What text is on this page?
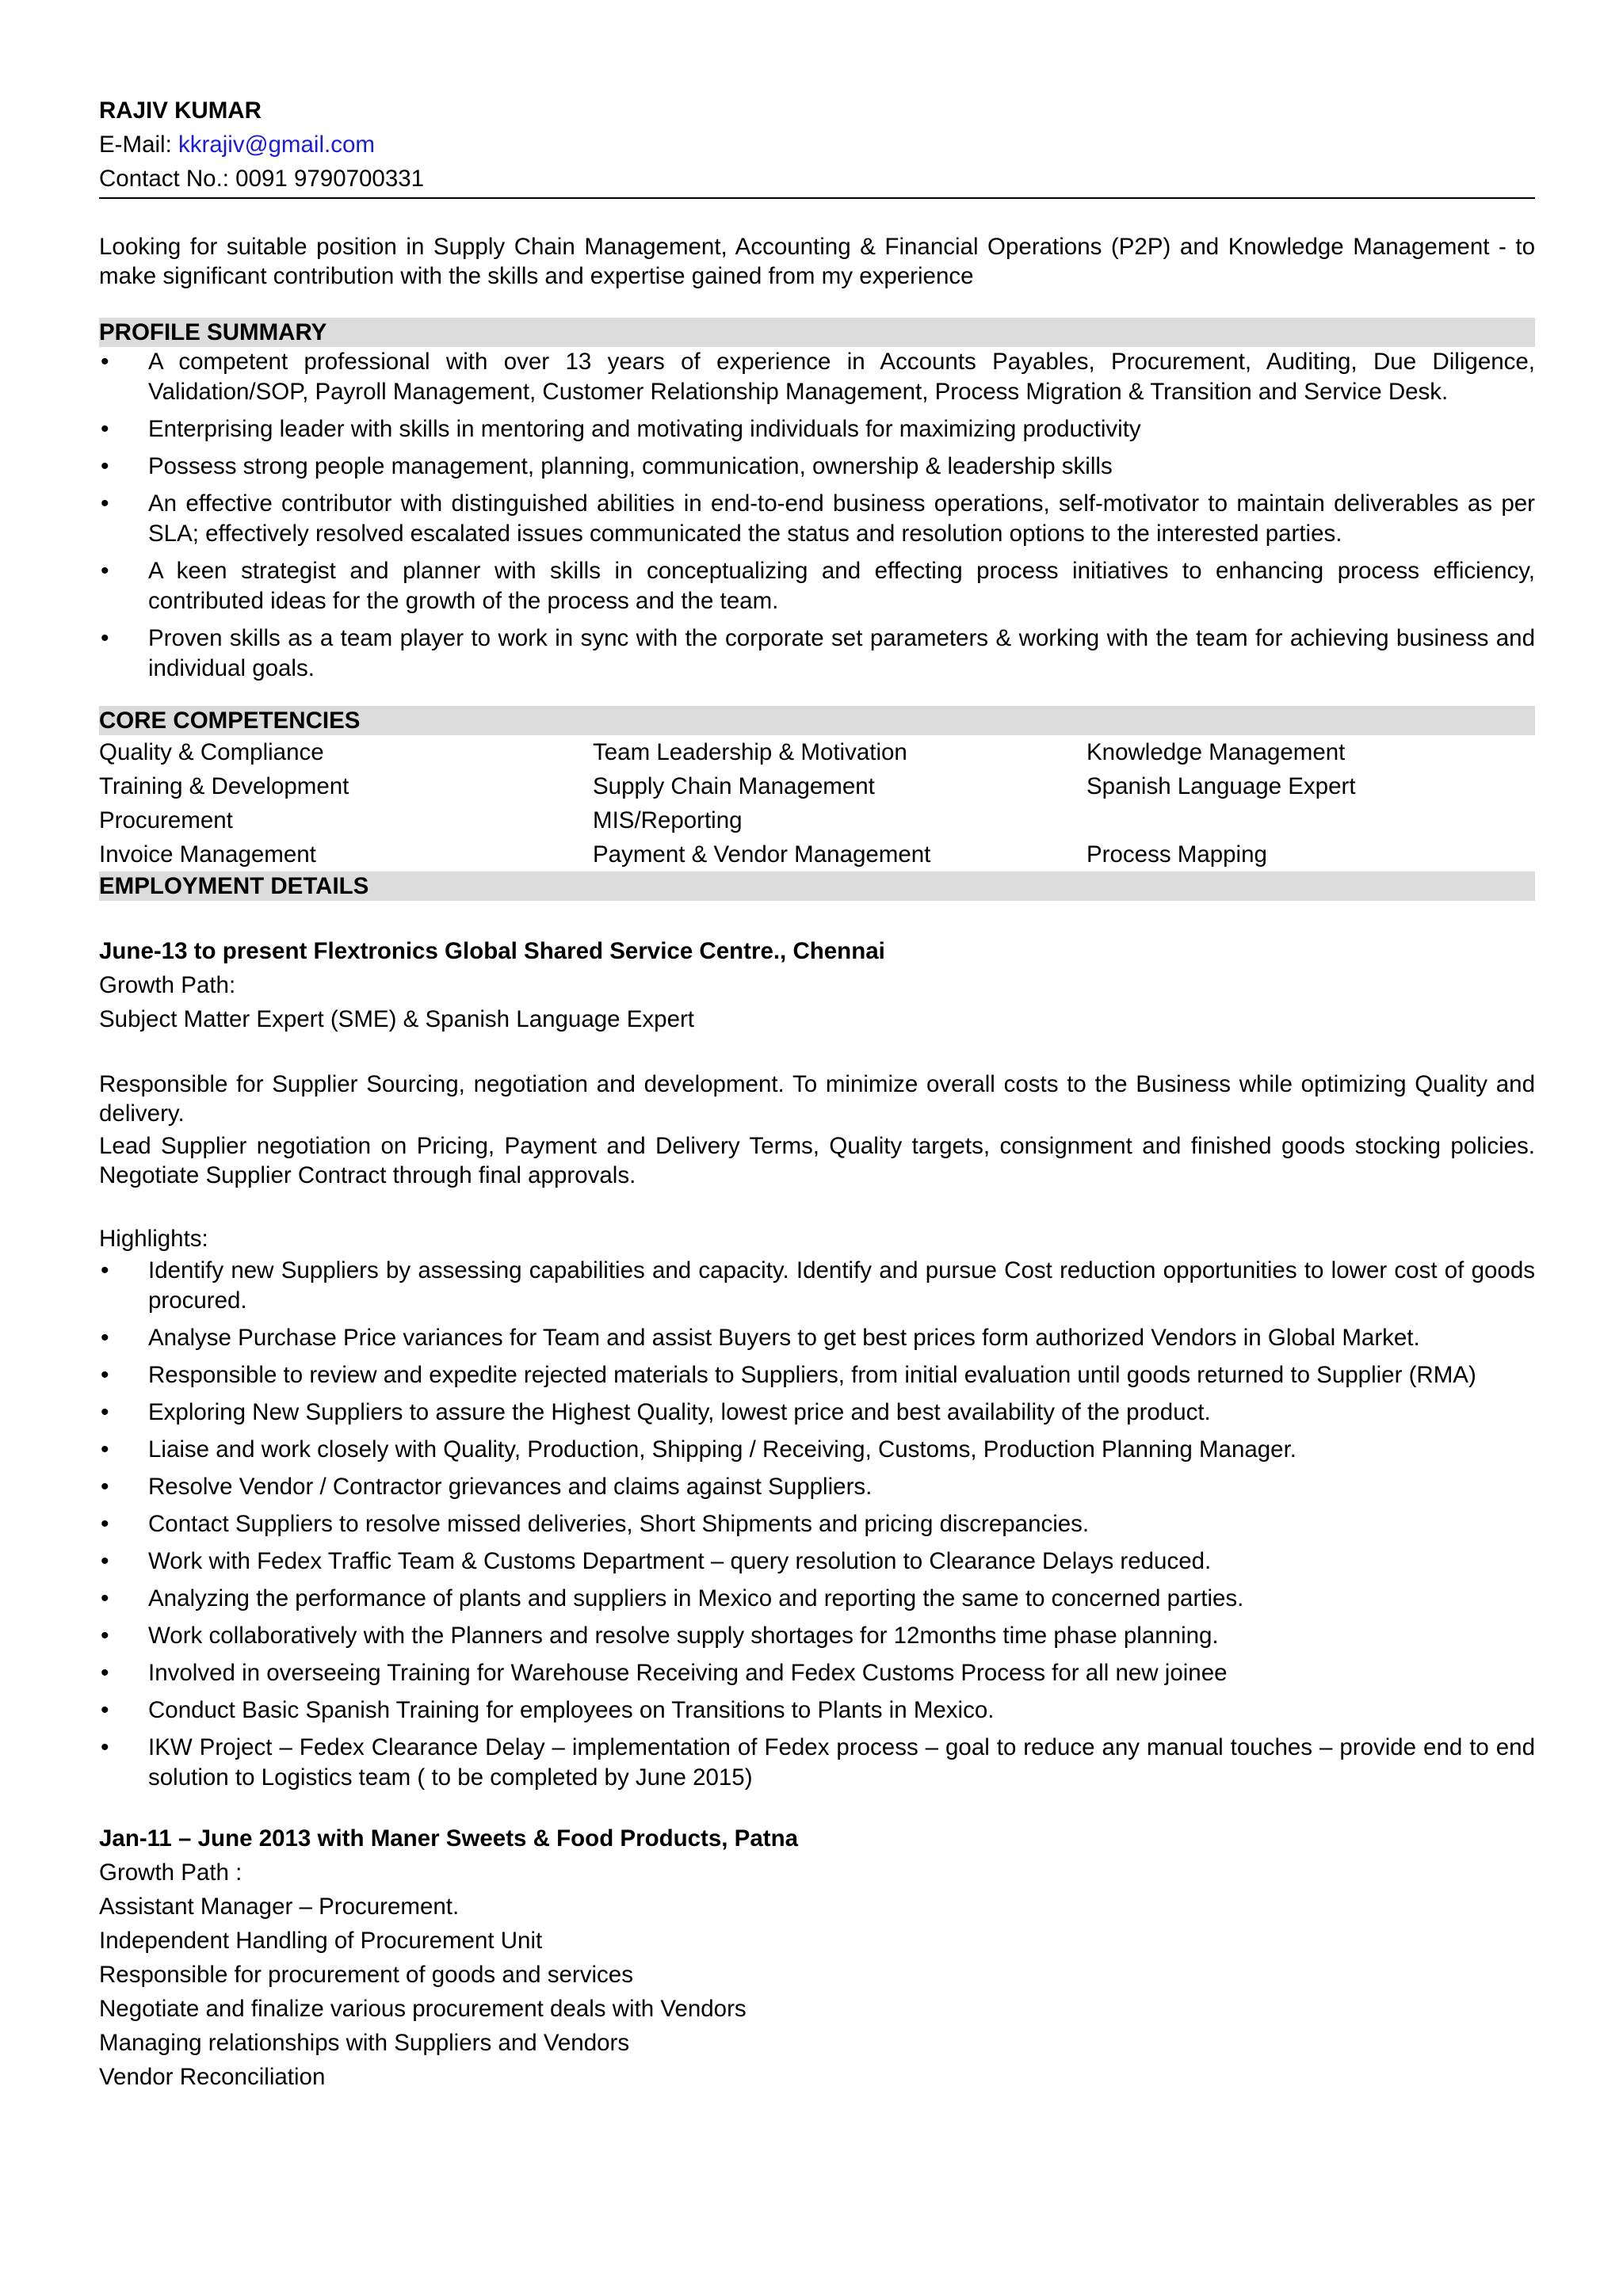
RAJIV KUMAR
E-Mail: kkrajiv@gmail.com
Contact No.: 0091 9790700331
Looking for suitable position in Supply Chain Management, Accounting & Financial Operations (P2P) and Knowledge Management - to make significant contribution with the skills and expertise gained from my experience
PROFILE SUMMARY
• A competent professional with over 13 years of experience in Accounts Payables, Procurement, Auditing, Due Diligence, Validation/SOP, Payroll Management, Customer Relationship Management, Process Migration & Transition and Service Desk.
• Enterprising leader with skills in mentoring and motivating individuals for maximizing productivity
• Possess strong people management, planning, communication, ownership & leadership skills
• An effective contributor with distinguished abilities in end-to-end business operations, self-motivator to maintain deliverables as per SLA; effectively resolved escalated issues communicated the status and resolution options to the interested parties.
• A keen strategist and planner with skills in conceptualizing and effecting process initiatives to enhancing process efficiency, contributed ideas for the growth of the process and the team.
• Proven skills as a team player to work in sync with the corporate set parameters & working with the team for achieving business and individual goals.
CORE COMPETENCIES
Quality & Compliance	Team Leadership & Motivation	Knowledge Management
Training & Development	Supply Chain Management	Spanish Language Expert
Procurement	MIS/Reporting
Invoice Management	Payment & Vendor Management	Process Mapping
EMPLOYMENT DETAILS
June-13 to present Flextronics Global Shared Service Centre., Chennai
Growth Path:
Subject Matter Expert (SME) & Spanish Language Expert
Responsible for Supplier Sourcing, negotiation and development. To minimize overall costs to the Business while optimizing Quality and delivery.
Lead Supplier negotiation on Pricing, Payment and Delivery Terms, Quality targets, consignment and finished goods stocking policies. Negotiate Supplier Contract through final approvals.
Highlights:
• Identify new Suppliers by assessing capabilities and capacity. Identify and pursue Cost reduction opportunities to lower cost of goods procured.
• Analyse Purchase Price variances for Team and assist Buyers to get best prices form authorized Vendors in Global Market.
• Responsible to review and expedite rejected materials to Suppliers, from initial evaluation until goods returned to Supplier (RMA)
• Exploring New Suppliers to assure the Highest Quality, lowest price and best availability of the product.
• Liaise and work closely with Quality, Production, Shipping / Receiving, Customs, Production Planning Manager.
• Resolve Vendor / Contractor grievances and claims against Suppliers.
• Contact Suppliers to resolve missed deliveries, Short Shipments and pricing discrepancies.
• Work with Fedex Traffic Team & Customs Department – query resolution to Clearance Delays reduced.
• Analyzing the performance of plants and suppliers in Mexico and reporting the same to concerned parties.
• Work collaboratively with the Planners and resolve supply shortages for 12months time phase planning.
• Involved in overseeing Training for Warehouse Receiving and Fedex Customs Process for all new joinee
• Conduct Basic Spanish Training for employees on Transitions to Plants in Mexico.
• IKW Project – Fedex Clearance Delay – implementation of Fedex process – goal to reduce any manual touches – provide end to end solution to Logistics team ( to be completed by June 2015)
Jan-11 – June 2013 with Maner Sweets & Food Products, Patna
Growth Path :
Assistant Manager – Procurement.
Independent Handling of Procurement Unit
Responsible for procurement of goods and services
Negotiate and finalize various procurement deals with Vendors
Managing relationships with Suppliers and Vendors
Vendor Reconciliation
